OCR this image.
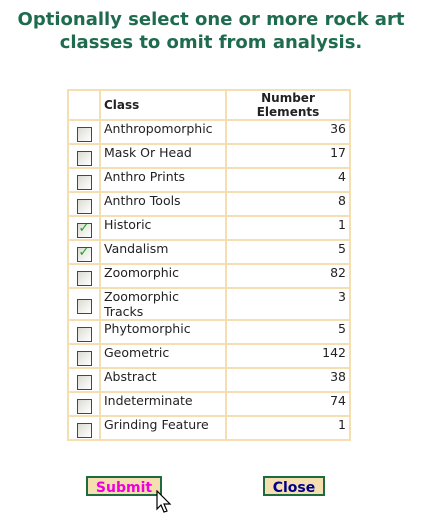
Optionally select one or more rock art
classes to omit from analysis.
	Class	Number Elements
	Anthropomorphic	36
	Mask Or Head	17
	Anthro Prints	4
	Anthro Tools	8

✓	Historic	1

✓	Vandalism	5
	Zoomorphic	82
	Zoomorphic Tracks	3
	Phytomorphic	5
	Geometric	142
	Abstract	38
	Indeterminate	74
	Grinding Feature	1
Submit	Close
